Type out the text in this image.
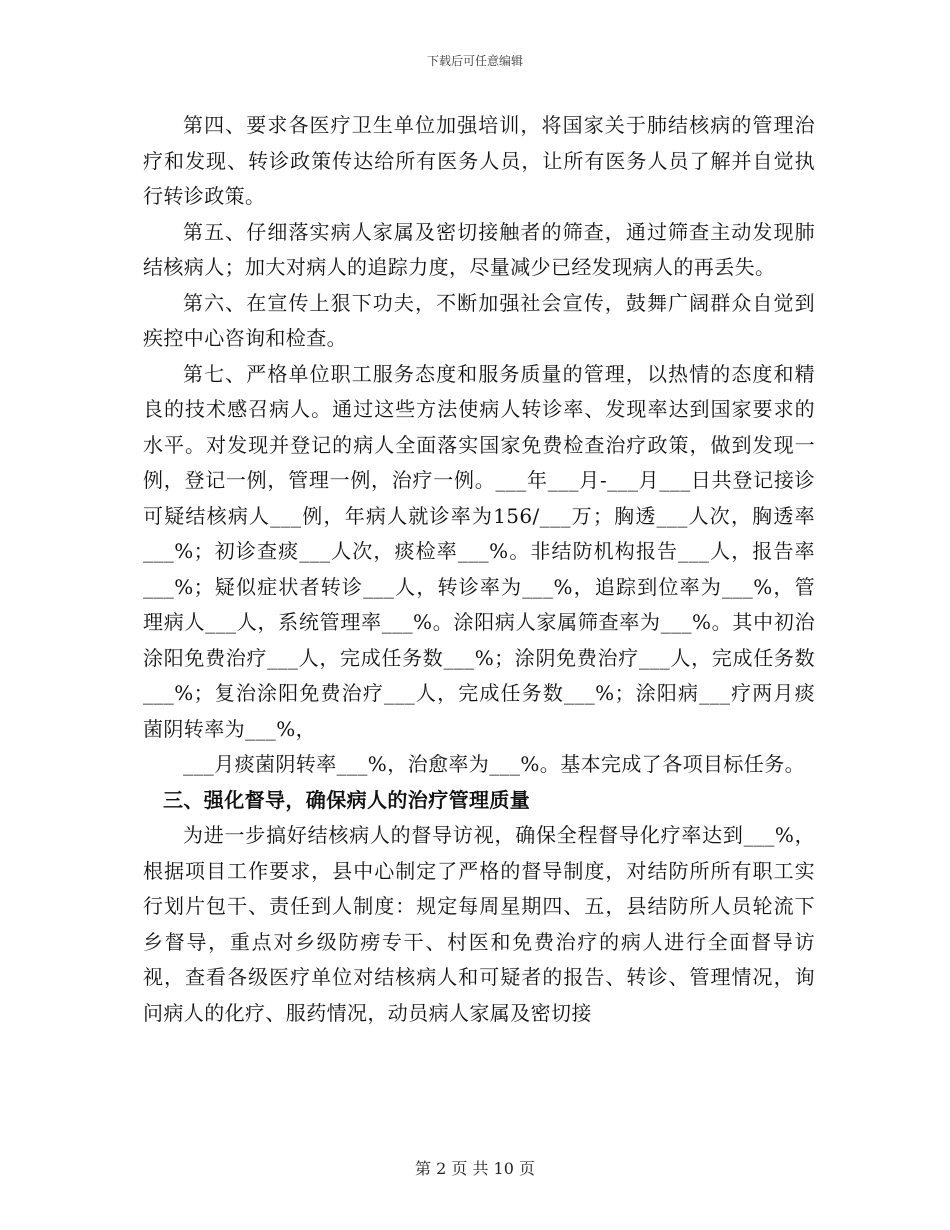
下载后可任意编辑

第四、要求各医疗卫生单位加强培训，将国家关于肺结核病的管理治疗和发现、转诊政策传达给所有医务人员，让所有医务人员了解并自觉执行转诊政策。

第五、仔细落实病人家属及密切接触者的筛查，通过筛查主动发现肺结核病人；加大对病人的追踪力度，尽量减少已经发现病人的再丢失。

第六、在宣传上狠下功夫，不断加强社会宣传，鼓舞广阔群众自觉到疾控中心咨询和检查。

第七、严格单位职工服务态度和服务质量的管理，以热情的态度和精良的技术感召病人。通过这些方法使病人转诊率、发现率达到国家要求的水平。对发现并登记的病人全面落实国家免费检查治疗政策，做到发现一例，登记一例，管理一例，治疗一例。___年___月-___月___日共登记接诊可疑结核病人___例，年病人就诊率为156/___万；胸透___人次，胸透率___%；初诊查痰___人次，痰检率___%。非结防机构报告___人，报告率___%；疑似症状者转诊___人，转诊率为___%，追踪到位率为___%，管理病人___人，系统管理率___%。涂阳病人家属筛查率为___%。其中初治涂阳免费治疗___人，完成任务数___%；涂阴免费治疗___人，完成任务数___%；复治涂阳免费治疗___人，完成任务数___%；涂阳病___疗两月痰菌阴转率为___%，

___月痰菌阴转率___%，治愈率为___%。基本完成了各项目标任务。

三、强化督导，确保病人的治疗管理质量

为进一步搞好结核病人的督导访视，确保全程督导化疗率达到___%，根据项目工作要求，县中心制定了严格的督导制度，对结防所所有职工实行划片包干、责任到人制度：规定每周星期四、五，县结防所人员轮流下乡督导，重点对乡级防痨专干、村医和免费治疗的病人进行全面督导访视，查看各级医疗单位对结核病人和可疑者的报告、转诊、管理情况，询问病人的化疗、服药情况，动员病人家属及密切接

第 2 页 共 10 页
